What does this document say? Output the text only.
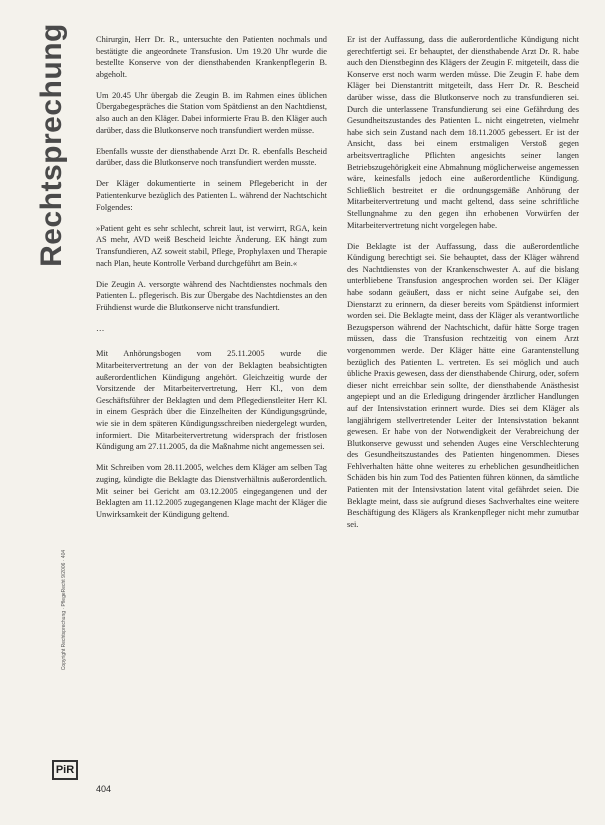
Rechtsprechung
Copyright Rechtsprechung · PflegeRecht 9/2006 · 404
PiR
404

Chirurgin, Herr Dr. R., untersuchte den Patienten nochmals und bestätigte die angeordnete Transfusion. Um 19.20 Uhr wurde die bestellte Konserve von der diensthabenden Krankenpflegerin B. abgeholt.

Um 20.45 Uhr übergab die Zeugin B. im Rahmen eines üblichen Übergabegespräches die Station vom Spätdienst an den Nachtdienst, also auch an den Kläger. Dabei informierte Frau B. den Kläger auch darüber, dass die Blutkonserve noch transfundiert werden müsse.

Ebenfalls wusste der diensthabende Arzt Dr. R. ebenfalls Bescheid darüber, dass die Blutkonserve noch transfundiert werden musste.

Der Kläger dokumentierte in seinem Pflegebericht in der Patientenkurve bezüglich des Patienten L. während der Nachtschicht Folgendes:

»Patient geht es sehr schlecht, schreit laut, ist verwirrt, RGA, kein AS mehr, AVD weiß Bescheid leichte Änderung. EK hängt zum Transfundieren, AZ soweit stabil, Pflege, Prophylaxen und Therapie nach Plan, heute Kontrolle Verband durchgeführt am Bein.«

Die Zeugin A. versorgte während des Nachtdienstes nochmals den Patienten L. pflegerisch. Bis zur Übergabe des Nachtdienstes an den Frühdienst wurde die Blutkonserve nicht transfundiert.

…

Mit Anhörungsbogen vom 25.11.2005 wurde die Mitarbeitervertretung an der von der Beklagten beabsichtigten außerordentlichen Kündigung angehört. Gleichzeitig wurde der Vorsitzende der Mitarbeitervertretung, Herr Kl., von dem Geschäftsführer der Beklagten und dem Pflegedienstleiter Herr Kl. in einem Gespräch über die Einzelheiten der Kündigungsgründe, wie sie in dem späteren Kündigungsschreiben niedergelegt wurden, informiert. Die Mitarbeitervertretung widersprach der fristlosen Kündigung am 27.11.2005, da die Maßnahme nicht angemessen sei.

Mit Schreiben vom 28.11.2005, welches dem Kläger am selben Tag zuging, kündigte die Beklagte das Dienstverhältnis außerordentlich. Mit seiner bei Gericht am 03.12.2005 eingegangenen und der Beklagten am 11.12.2005 zugegangenen Klage macht der Kläger die Unwirksamkeit der Kündigung geltend.

Er ist der Auffassung, dass die außerordentliche Kündigung nicht gerechtfertigt sei. Er behauptet, der diensthabende Arzt Dr. R. habe auch den Dienstbeginn des Klägers der Zeugin F. mitgeteilt, dass die Konserve erst noch warm werden müsse. Die Zeugin F. habe dem Kläger bei Dienstantritt mitgeteilt, dass Herr Dr. R. Bescheid darüber wisse, dass die Blutkonserve noch zu transfundieren sei. Durch die unterlassene Transfundierung sei eine Gefährdung des Gesundheitszustandes des Patienten L. nicht eingetreten, vielmehr habe sich sein Zustand nach dem 18.11.2005 gebessert. Er ist der Ansicht, dass bei einem erstmaligen Verstoß gegen arbeitsvertragliche Pflichten angesichts seiner langen Betriebszugehörigkeit eine Abmahnung möglicherweise angemessen wäre, keinesfalls jedoch eine außerordentliche Kündigung. Schließlich bestreitet er die ordnungsgemäße Anhörung der Mitarbeitervertretung und macht geltend, dass seine schriftliche Stellungnahme zu den gegen ihn erhobenen Vorwürfen der Mitarbeitervertretung nicht vorgelegen habe.

Die Beklagte ist der Auffassung, dass die außerordentliche Kündigung berechtigt sei. Sie behauptet, dass der Kläger während des Nachtdienstes von der Krankenschwester A. auf die bislang unterbliebene Transfusion angesprochen worden sei. Der Kläger habe sodann geäußert, dass er nicht seine Aufgabe sei, den Dienstarzt zu erinnern, da dieser bereits vom Spätdienst informiert worden sei. Die Beklagte meint, dass der Kläger als verantwortliche Bezugsperson während der Nachtschicht, dafür hätte Sorge tragen müssen, dass die Transfusion rechtzeitig von einem Arzt vorgenommen werde. Der Kläger hätte eine Garantenstellung bezüglich des Patienten L. vertreten. Es sei möglich und auch übliche Praxis gewesen, dass der diensthabende Chirurg, oder, sofern dieser nicht erreichbar sein sollte, der diensthabende Anästhesist angepiept und an die Erledigung dringender ärztlicher Handlungen auf der Intensivstation erinnert wurde. Dies sei dem Kläger als langjährigem stellvertretender Leiter der Intensivstation bekannt gewesen. Er habe von der Notwendigkeit der Verabreichung der Blutkonserve gewusst und sehenden Auges eine Verschlechterung des Gesundheitszustandes des Patienten hingenommen. Dieses Fehlverhalten hätte ohne weiteres zu erheblichen gesundheitlichen Schäden bis hin zum Tod des Patienten führen können, da sämtliche Patienten mit der Intensivstation latent vital gefährdet seien. Die Beklagte meint, dass sie aufgrund dieses Sachverhaltes eine weitere Beschäftigung des Klägers als Krankenpfleger nicht mehr zumutbar sei.
